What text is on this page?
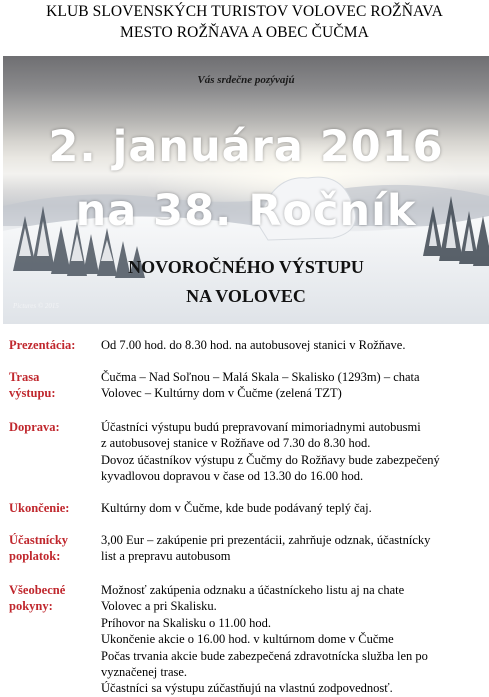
KLUB SLOVENSKÝCH TURISTOV VOLOVEC ROŽŇAVA
MESTO ROŽŇAVA A OBEC ČUČMA
Vás srdečne pozývajú
2. januára 2016
na 38. Ročník
NOVOROČNÉHO VÝSTUPU
NA VOLOVEC
Pictures © 2015
Prezentácia:	Od 7.00 hod. do 8.30 hod. na autobusovej stanici v Rožňave.
Trasa výstupu:
Čučma – Nad Soľnou – Malá Skala – Skalisko (1293m) – chata
Volovec – Kultúrny dom v Čučme (zelená TZT)
Doprava:	Účastníci výstupu budú prepravovaní mimoriadnymi autobusmi
z autobusovej stanice v Rožňave od 7.30 do 8.30 hod.
Dovoz účastníkov výstupu z Čučmy do Rožňavy bude zabezpečený
kyvadlovou dopravou v čase od 13.30 do 16.00 hod.
Ukončenie:	Kultúrny dom v Čučme, kde bude podávaný teplý čaj.
Účastnícky poplatok:
3,00 Eur – zakúpenie pri prezentácii, zahrňuje odznak, účastnícky
list a prepravu autobusom
Všeobecné pokyny:
Možnosť zakúpenia odznaku a účastníckeho listu aj na chate
Volovec a pri Skalisku.
Príhovor na Skalisku o 11.00 hod.
Ukončenie akcie o 16.00 hod. v kultúrnom dome v Čučme
Počas trvania akcie bude zabezpečená zdravotnícka služba len po
vyznačenej trase.
Účastníci sa výstupu zúčastňujú na vlastnú zodpovednosť.
